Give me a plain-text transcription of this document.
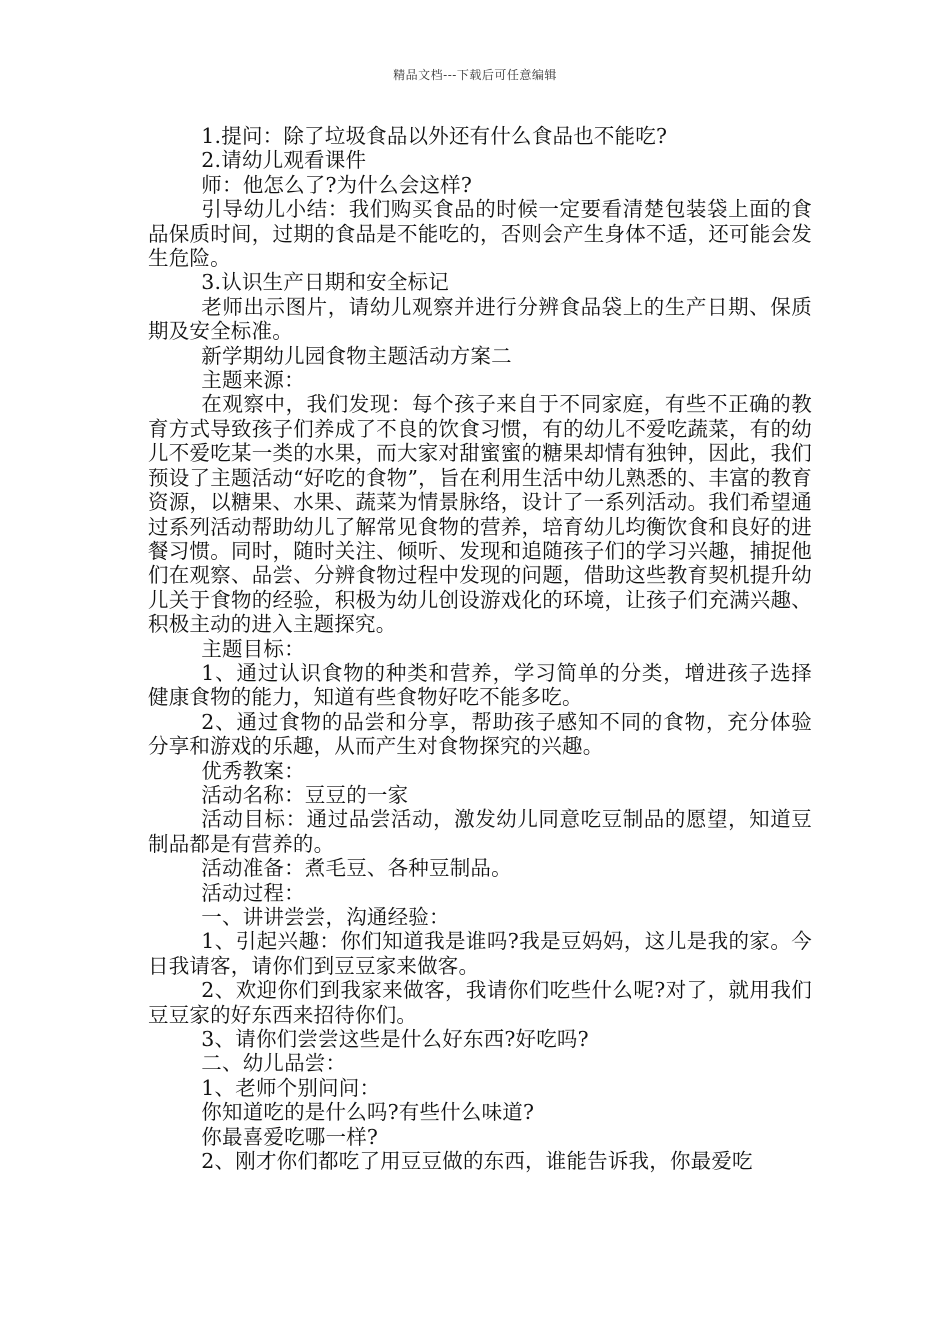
精品文档---下载后可任意编辑

1.提问：除了垃圾食品以外还有什么食品也不能吃?

2.请幼儿观看课件

师：他怎么了?为什么会这样?

引导幼儿小结：我们购买食品的时候一定要看清楚包装袋上面的食品保质时间，过期的食品是不能吃的，否则会产生身体不适，还可能会发生危险。

3.认识生产日期和安全标记

老师出示图片，请幼儿观察并进行分辨食品袋上的生产日期、保质期及安全标准。

新学期幼儿园食物主题活动方案二

主题来源：

在观察中，我们发现：每个孩子来自于不同家庭，有些不正确的教育方式导致孩子们养成了不良的饮食习惯，有的幼儿不爱吃蔬菜，有的幼儿不爱吃某一类的水果，而大家对甜蜜蜜的糖果却情有独钟，因此，我们预设了主题活动“好吃的食物”，旨在利用生活中幼儿熟悉的、丰富的教育资源，以糖果、水果、蔬菜为情景脉络，设计了一系列活动。我们希望通过系列活动帮助幼儿了解常见食物的营养，培育幼儿均衡饮食和良好的进餐习惯。同时，随时关注、倾听、发现和追随孩子们的学习兴趣，捕捉他们在观察、品尝、分辨食物过程中发现的问题，借助这些教育契机提升幼儿关于食物的经验，积极为幼儿创设游戏化的环境，让孩子们充满兴趣、积极主动的进入主题探究。

主题目标：

1、通过认识食物的种类和营养，学习简单的分类，增进孩子选择健康食物的能力，知道有些食物好吃不能多吃。

2、通过食物的品尝和分享，帮助孩子感知不同的食物，充分体验分享和游戏的乐趣，从而产生对食物探究的兴趣。

优秀教案：

活动名称：豆豆的一家

活动目标：通过品尝活动，激发幼儿同意吃豆制品的愿望，知道豆制品都是有营养的。

活动准备：煮毛豆、各种豆制品。

活动过程：

一、讲讲尝尝，沟通经验：

1、引起兴趣：你们知道我是谁吗?我是豆妈妈，这儿是我的家。今日我请客，请你们到豆豆家来做客。

2、欢迎你们到我家来做客，我请你们吃些什么呢?对了，就用我们豆豆家的好东西来招待你们。

3、请你们尝尝这些是什么好东西?好吃吗?

二、幼儿品尝：

1、老师个别问问：

你知道吃的是什么吗?有些什么味道?

你最喜爱吃哪一样?

2、刚才你们都吃了用豆豆做的东西，谁能告诉我，你最爱吃
